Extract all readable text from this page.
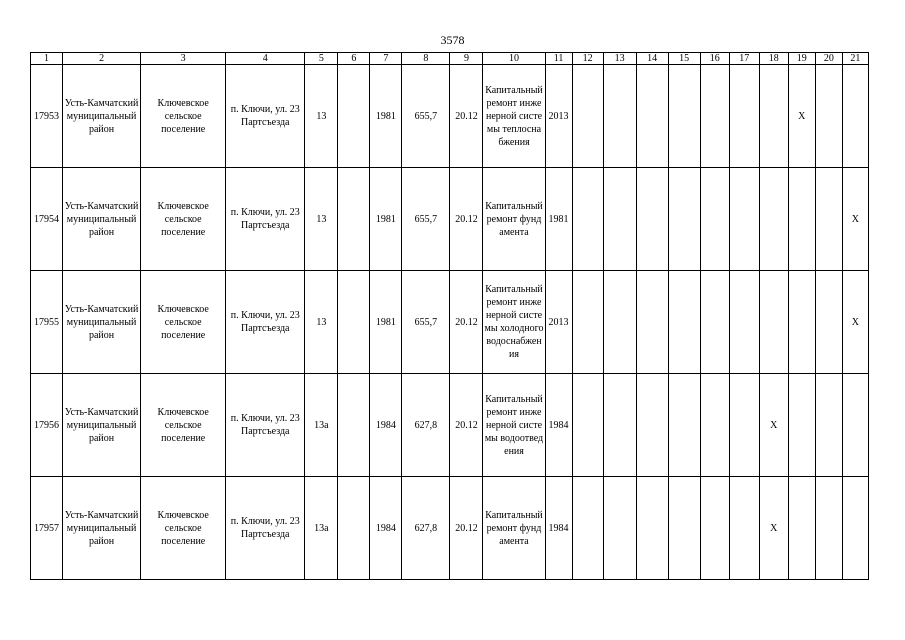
3578
1	2	3	4	5	6	7	8	9	10	11	12	13	14	15	16	17	18	19	20	21
17953	Усть-Камчатский муниципальный район	Ключевское сельское поселение	п. Ключи, ул. 23 Партсъезда	13		1981	655,7	20.12	Капитальный ремонт инженерной системы теплоснабжения	2013								Х		
17954	Усть-Камчатский муниципальный район	Ключевское сельское поселение	п. Ключи, ул. 23 Партсъезда	13		1981	655,7	20.12	Капитальный ремонт фундамента	1981										Х
17955	Усть-Камчатский муниципальный район	Ключевское сельское поселение	п. Ключи, ул. 23 Партсъезда	13		1981	655,7	20.12	Капитальный ремонт инженерной системы холодного водоснабжения	2013										Х
17956	Усть-Камчатский муниципальный район	Ключевское сельское поселение	п. Ключи, ул. 23 Партсъезда	13а		1984	627,8	20.12	Капитальный ремонт инженерной системы водоотведения	1984							Х			
17957	Усть-Камчатский муниципальный район	Ключевское сельское поселение	п. Ключи, ул. 23 Партсъезда	13а		1984	627,8	20.12	Капитальный ремонт фундамента	1984							Х			
